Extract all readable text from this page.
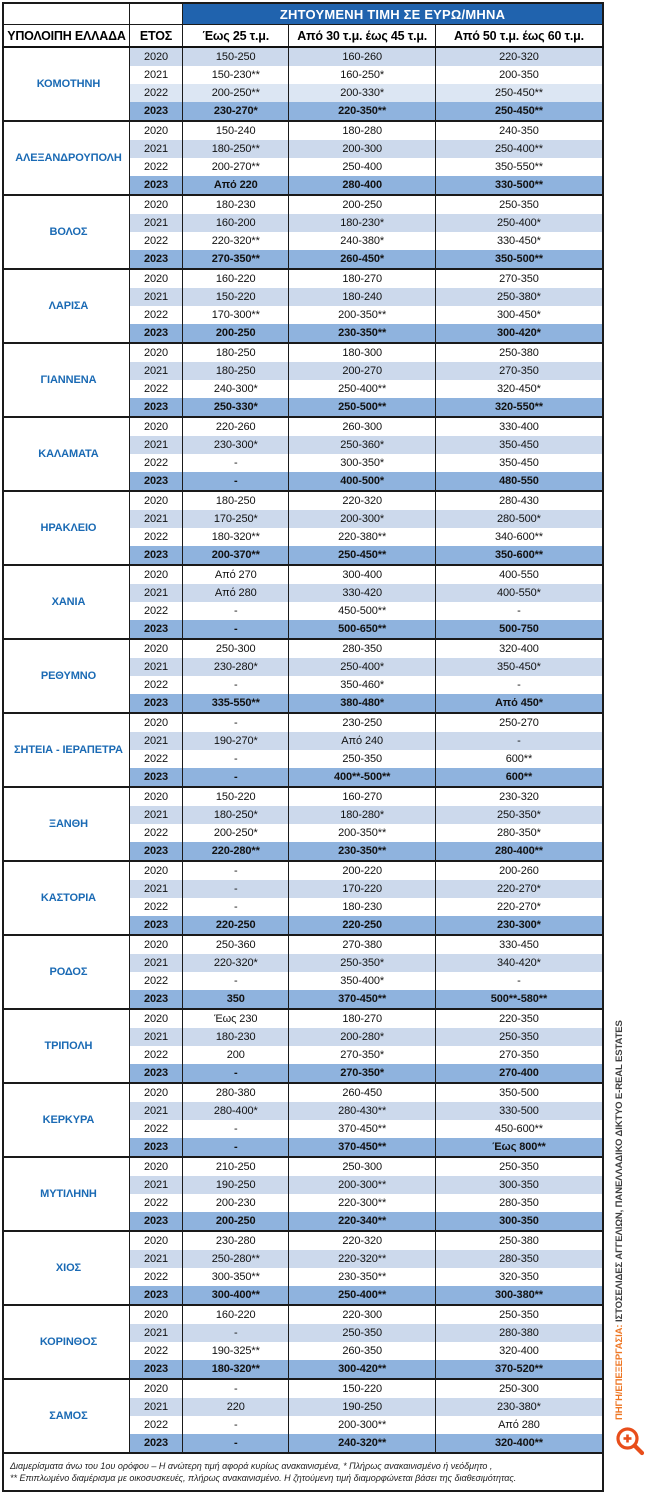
		ΖΗΤΟΥΜΕΝΗ ΤΙΜΗ ΣΕ ΕΥΡΩ/ΜΗΝΑ		
ΥΠΟΛΟΙΠΗ ΕΛΛΑΔΑ	ΕΤΟΣ	Έως 25 τ.μ.	Από 30 τ.μ. έως 45 τ.μ.	Από 50 τ.μ. έως 60 τ.μ.
ΚΟΜΟΤΗΝΗ	2020	150-250	160-260	220-320
	2021	150-230**	160-250*	200-350
	2022	200-250**	200-330*	250-450**
	2023	230-270*	220-350**	250-450**
ΑΛΕΞΑΝΔΡΟΥΠΟΛΗ	2020	150-240	180-280	240-350
	2021	180-250**	200-300	250-400**
	2022	200-270**	250-400	350-550**
	2023	Από 220	280-400	330-500**
ΒΟΛΟΣ	2020	180-230	200-250	250-350
	2021	160-200	180-230*	250-400*
	2022	220-320**	240-380*	330-450*
	2023	270-350**	260-450*	350-500**
ΛΑΡΙΣΑ	2020	160-220	180-270	270-350
	2021	150-220	180-240	250-380*
	2022	170-300**	200-350**	300-450*
	2023	200-250	230-350**	300-420*
ΓΙΑΝΝΕΝΑ	2020	180-250	180-300	250-380
	2021	180-250	200-270	270-350
	2022	240-300*	250-400**	320-450*
	2023	250-330*	250-500**	320-550**
ΚΑΛΑΜΑΤΑ	2020	220-260	260-300	330-400
	2021	230-300*	250-360*	350-450
	2022	-	300-350*	350-450
	2023	-	400-500*	480-550
ΗΡΑΚΛΕΙΟ	2020	180-250	220-320	280-430
	2021	170-250*	200-300*	280-500*
	2022	180-320**	220-380**	340-600**
	2023	200-370**	250-450**	350-600**
ΧΑΝΙΑ	2020	Από 270	300-400	400-550
	2021	Από 280	330-420	400-550*
	2022	-	450-500**	-
	2023	-	500-650**	500-750
ΡΕΘΥΜΝΟ	2020	250-300	280-350	320-400
	2021	230-280*	250-400*	350-450*
	2022	-	350-460*	-
	2023	335-550**	380-480*	Από 450*
ΣΗΤΕΙΑ - ΙΕΡΑΠΕΤΡΑ	2020	-	230-250	250-270
	2021	190-270*	Από 240	-
	2022	-	250-350	600**
	2023	-	400**-500**	600**
ΞΑΝΘΗ	2020	150-220	160-270	230-320
	2021	180-250*	180-280*	250-350*
	2022	200-250*	200-350**	280-350*
	2023	220-280**	230-350**	280-400**
ΚΑΣΤΟΡΙΑ	2020	-	200-220	200-260
	2021	-	170-220	220-270*
	2022	-	180-230	220-270*
	2023	220-250	220-250	230-300*
ΡΟΔΟΣ	2020	250-360	270-380	330-450
	2021	220-320*	250-350*	340-420*
	2022	-	350-400*	-
	2023	350	370-450**	500**-580**
ΤΡΙΠΟΛΗ	2020	Έως 230	180-270	220-350
	2021	180-230	200-280*	250-350
	2022	200	270-350*	270-350
	2023	-	270-350*	270-400
ΚΕΡΚΥΡΑ	2020	280-380	260-450	350-500
	2021	280-400*	280-430**	330-500
	2022	-	370-450**	450-600**
	2023	-	370-450**	Έως 800**
ΜΥΤΙΛΗΝΗ	2020	210-250	250-300	250-350
	2021	190-250	200-300**	300-350
	2022	200-230	220-300**	280-350
	2023	200-250	220-340**	300-350
ΧΙΟΣ	2020	230-280	220-320	250-380
	2021	250-280**	220-320**	280-350
	2022	300-350**	230-350**	320-350
	2023	300-400**	250-400**	300-380**
ΚΟΡΙΝΘΟΣ	2020	160-220	220-300	250-350
	2021	-	250-350	280-380
	2022	190-325**	260-350	320-400
	2023	180-320**	300-420**	370-520**
ΣΑΜΟΣ	2020	-	150-220	250-300
	2021	220	190-250	230-380*
	2022	-	200-300**	Από 280
	2023	-	240-320**	320-400**

Διαμερίσματα άνω του 1ου ορόφου – Η ανώτερη τιμή αφορά κυρίως ανακαινισμένα, * Πλήρως ανακαινισμένο ή νεόδμητο ,
** Επιπλωμένο διαμέρισμα με οικοσυσκευές, πλήρως ανακαινισμένο. Η ζητούμενη τιμή διαμορφώνεται βάσει της διαθεσιμότητας.				
ΠΗΓΗ/ΕΠΕΞΕΡΓΑΣΙΑ: ΙΣΤΟΣΕΛΙΔΕΣ ΑΓΓΕΛΙΩΝ, ΠΑΝΕΛΛΑΔΙΚΟ ΔΙΚΤΥΟ E-REAL ESTATES
